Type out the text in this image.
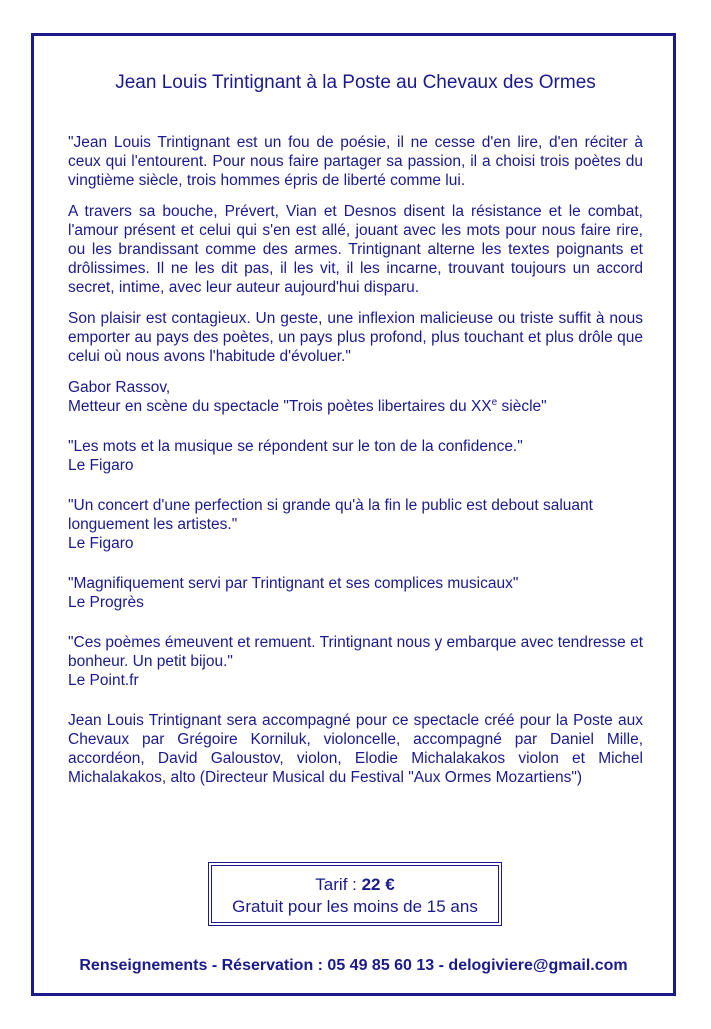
Jean Louis Trintignant à la Poste au Chevaux des Ormes

"Jean Louis Trintignant est un fou de poésie, il ne cesse d'en lire, d'en réciter à ceux qui l'entourent. Pour nous faire partager sa passion, il a choisi trois poètes du vingtième siècle, trois hommes épris de liberté comme lui.

A travers sa bouche, Prévert, Vian et Desnos disent la résistance et le combat, l'amour présent et celui qui s'en est allé, jouant avec les mots pour nous faire rire, ou les brandissant comme des armes. Trintignant alterne les textes poignants et drôlissimes. Il ne les dit pas, il les vit, il les incarne, trouvant toujours un accord secret, intime, avec leur auteur aujourd'hui disparu.

Son plaisir est contagieux. Un geste, une inflexion malicieuse ou triste suffit à nous emporter au pays des poètes, un pays plus profond, plus touchant et plus drôle que celui où nous avons l'habitude d'évoluer."

Gabor Rassov,

Metteur en scène du spectacle "Trois poètes libertaires du XXe siècle"

"Les mots et la musique se répondent sur le ton de la confidence."

Le Figaro

"Un concert d'une perfection si grande qu'à la fin le public est debout saluant longuement les artistes."

Le Figaro

"Magnifiquement servi par Trintignant et ses complices musicaux"

Le Progrès

"Ces poèmes émeuvent et remuent. Trintignant nous y embarque avec tendresse et bonheur. Un petit bijou."

Le Point.fr

Jean Louis Trintignant sera accompagné pour ce spectacle créé pour la Poste aux Chevaux par Grégoire Korniluk, violoncelle, accompagné par Daniel Mille, accordéon, David Galoustov, violon, Elodie Michalakakos violon et Michel Michalakakos, alto (Directeur Musical du Festival "Aux Ormes Mozartiens")

Tarif : 22 €
Gratuit pour les moins de 15 ans
Renseignements - Réservation : 05 49 85 60 13 - delogiviere@gmail.com
